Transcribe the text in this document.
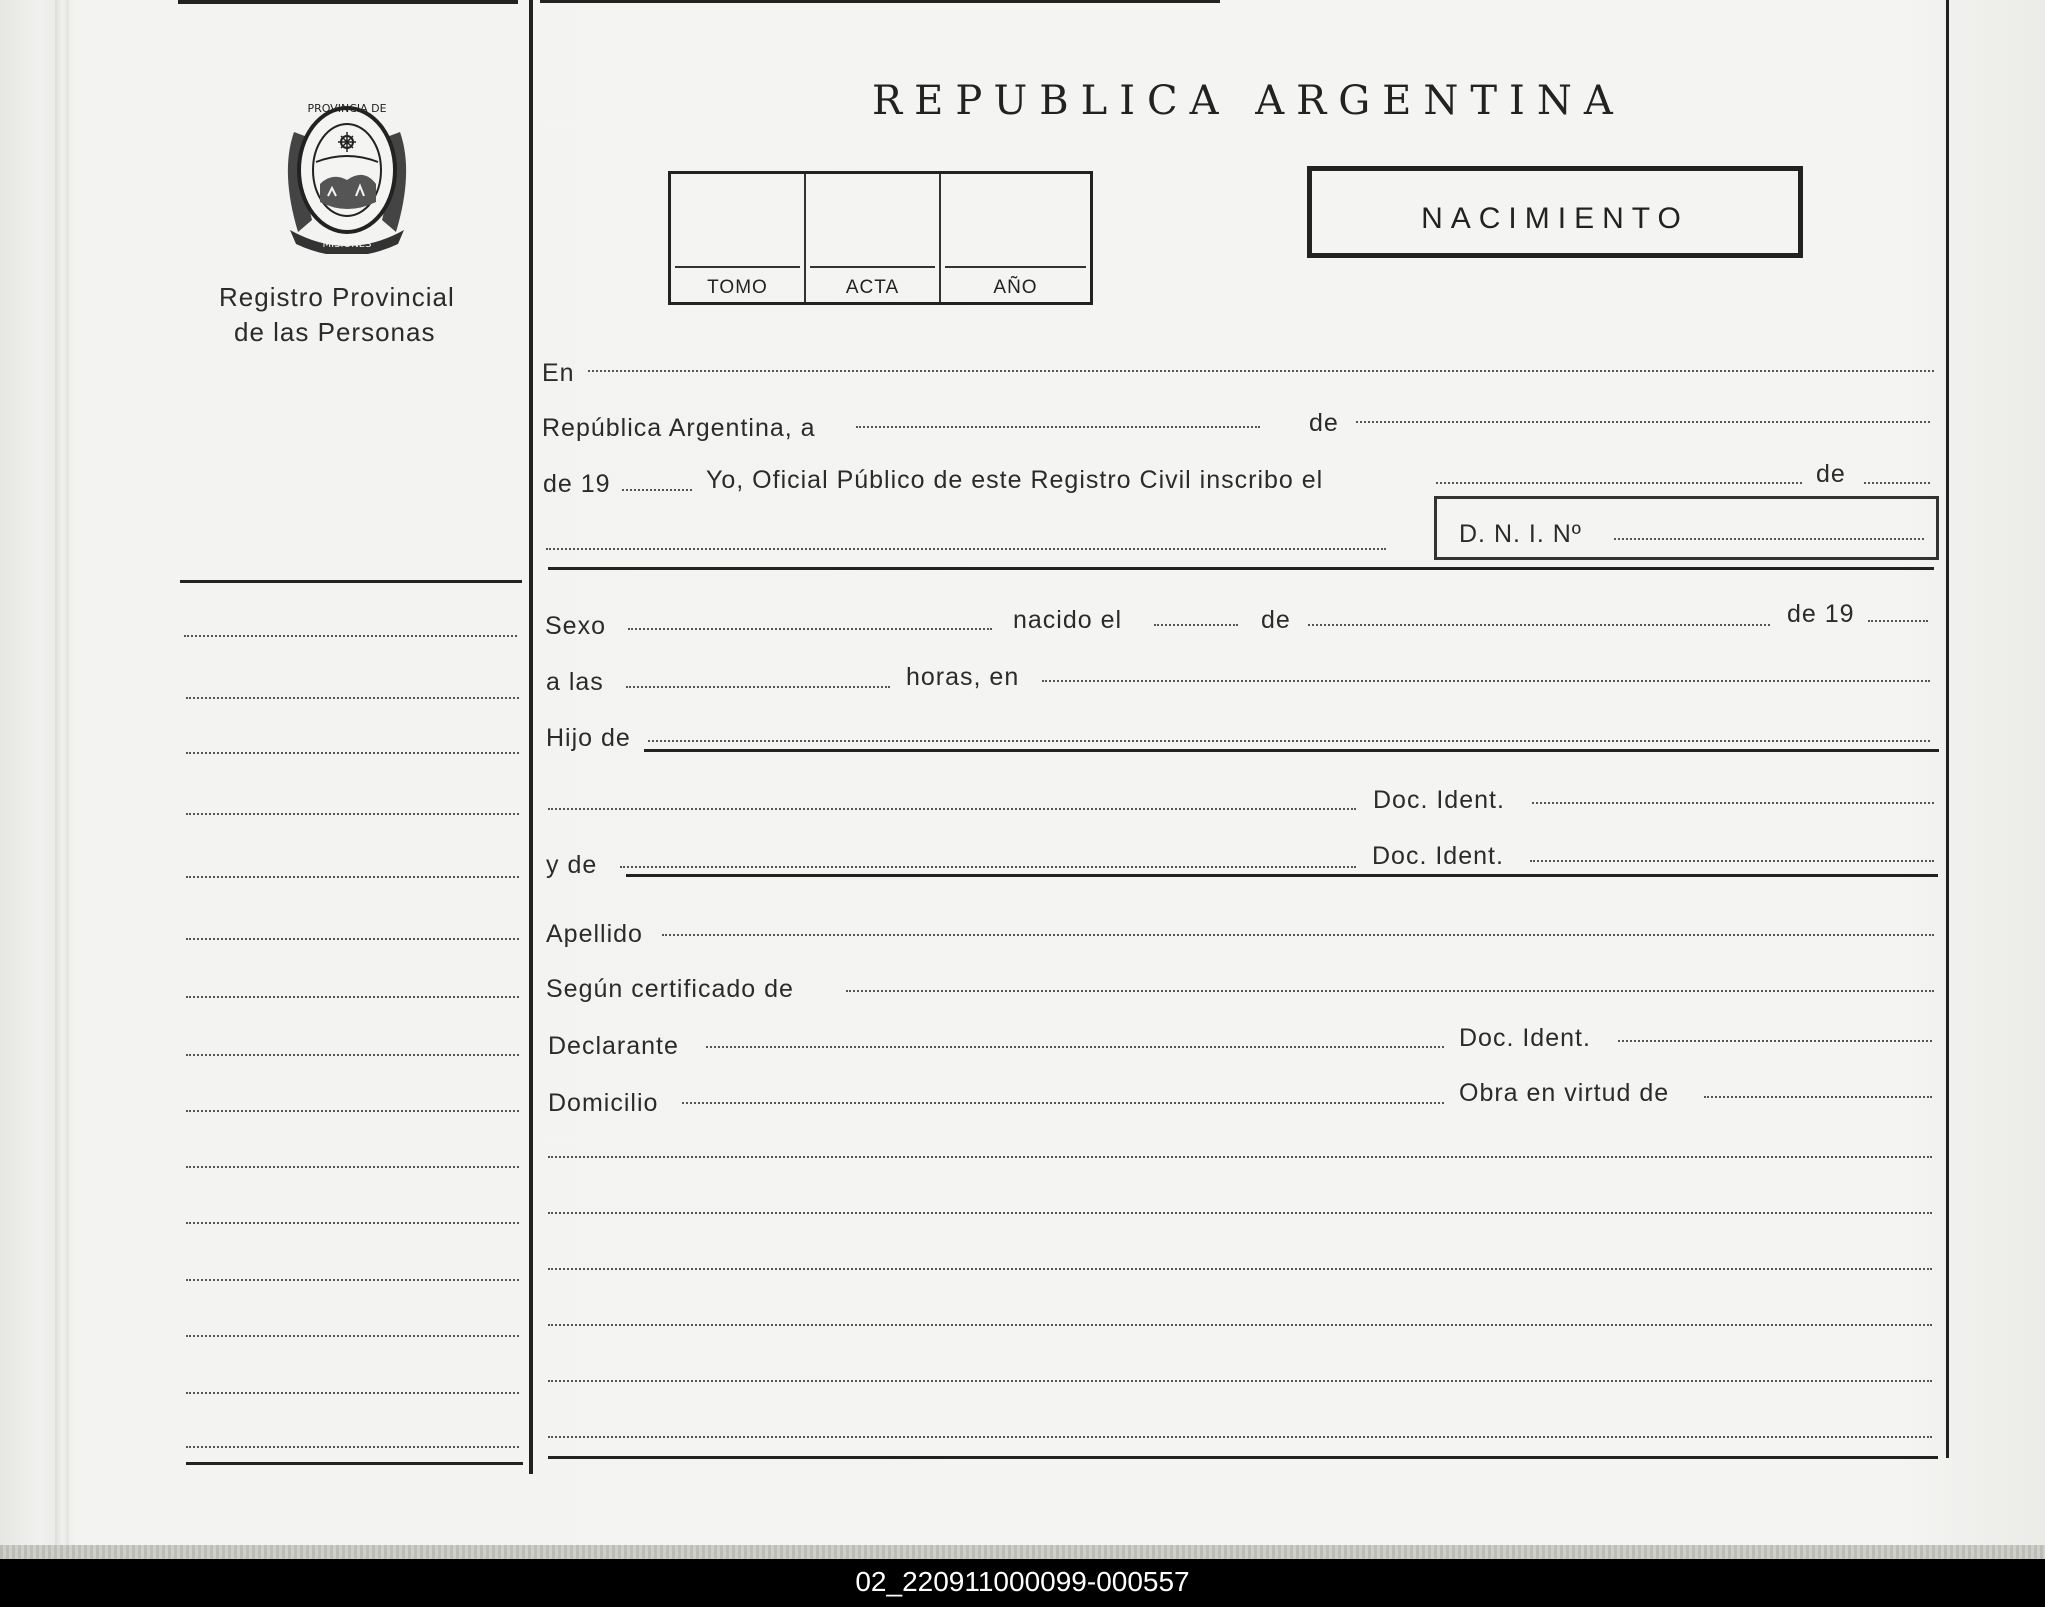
PROVINCIA DE
MISIONES
Registro Provincial
de las Personas
REPUBLICA ARGENTINA
TOMO	ACTA	AÑO
NACIMIENTO
En
República Argentina, a	de
de 19	Yo, Oficial Público de este Registro Civil inscribo el	de
D. N. I. Nº
Sexo	nacido el	de	de 19
a las	horas, en
Hijo de
Doc. Ident.
y de	Doc. Ident.
Apellido
Según certificado de
Declarante	Doc. Ident.
Domicilio	Obra en virtud de
02_220911000099-000557
